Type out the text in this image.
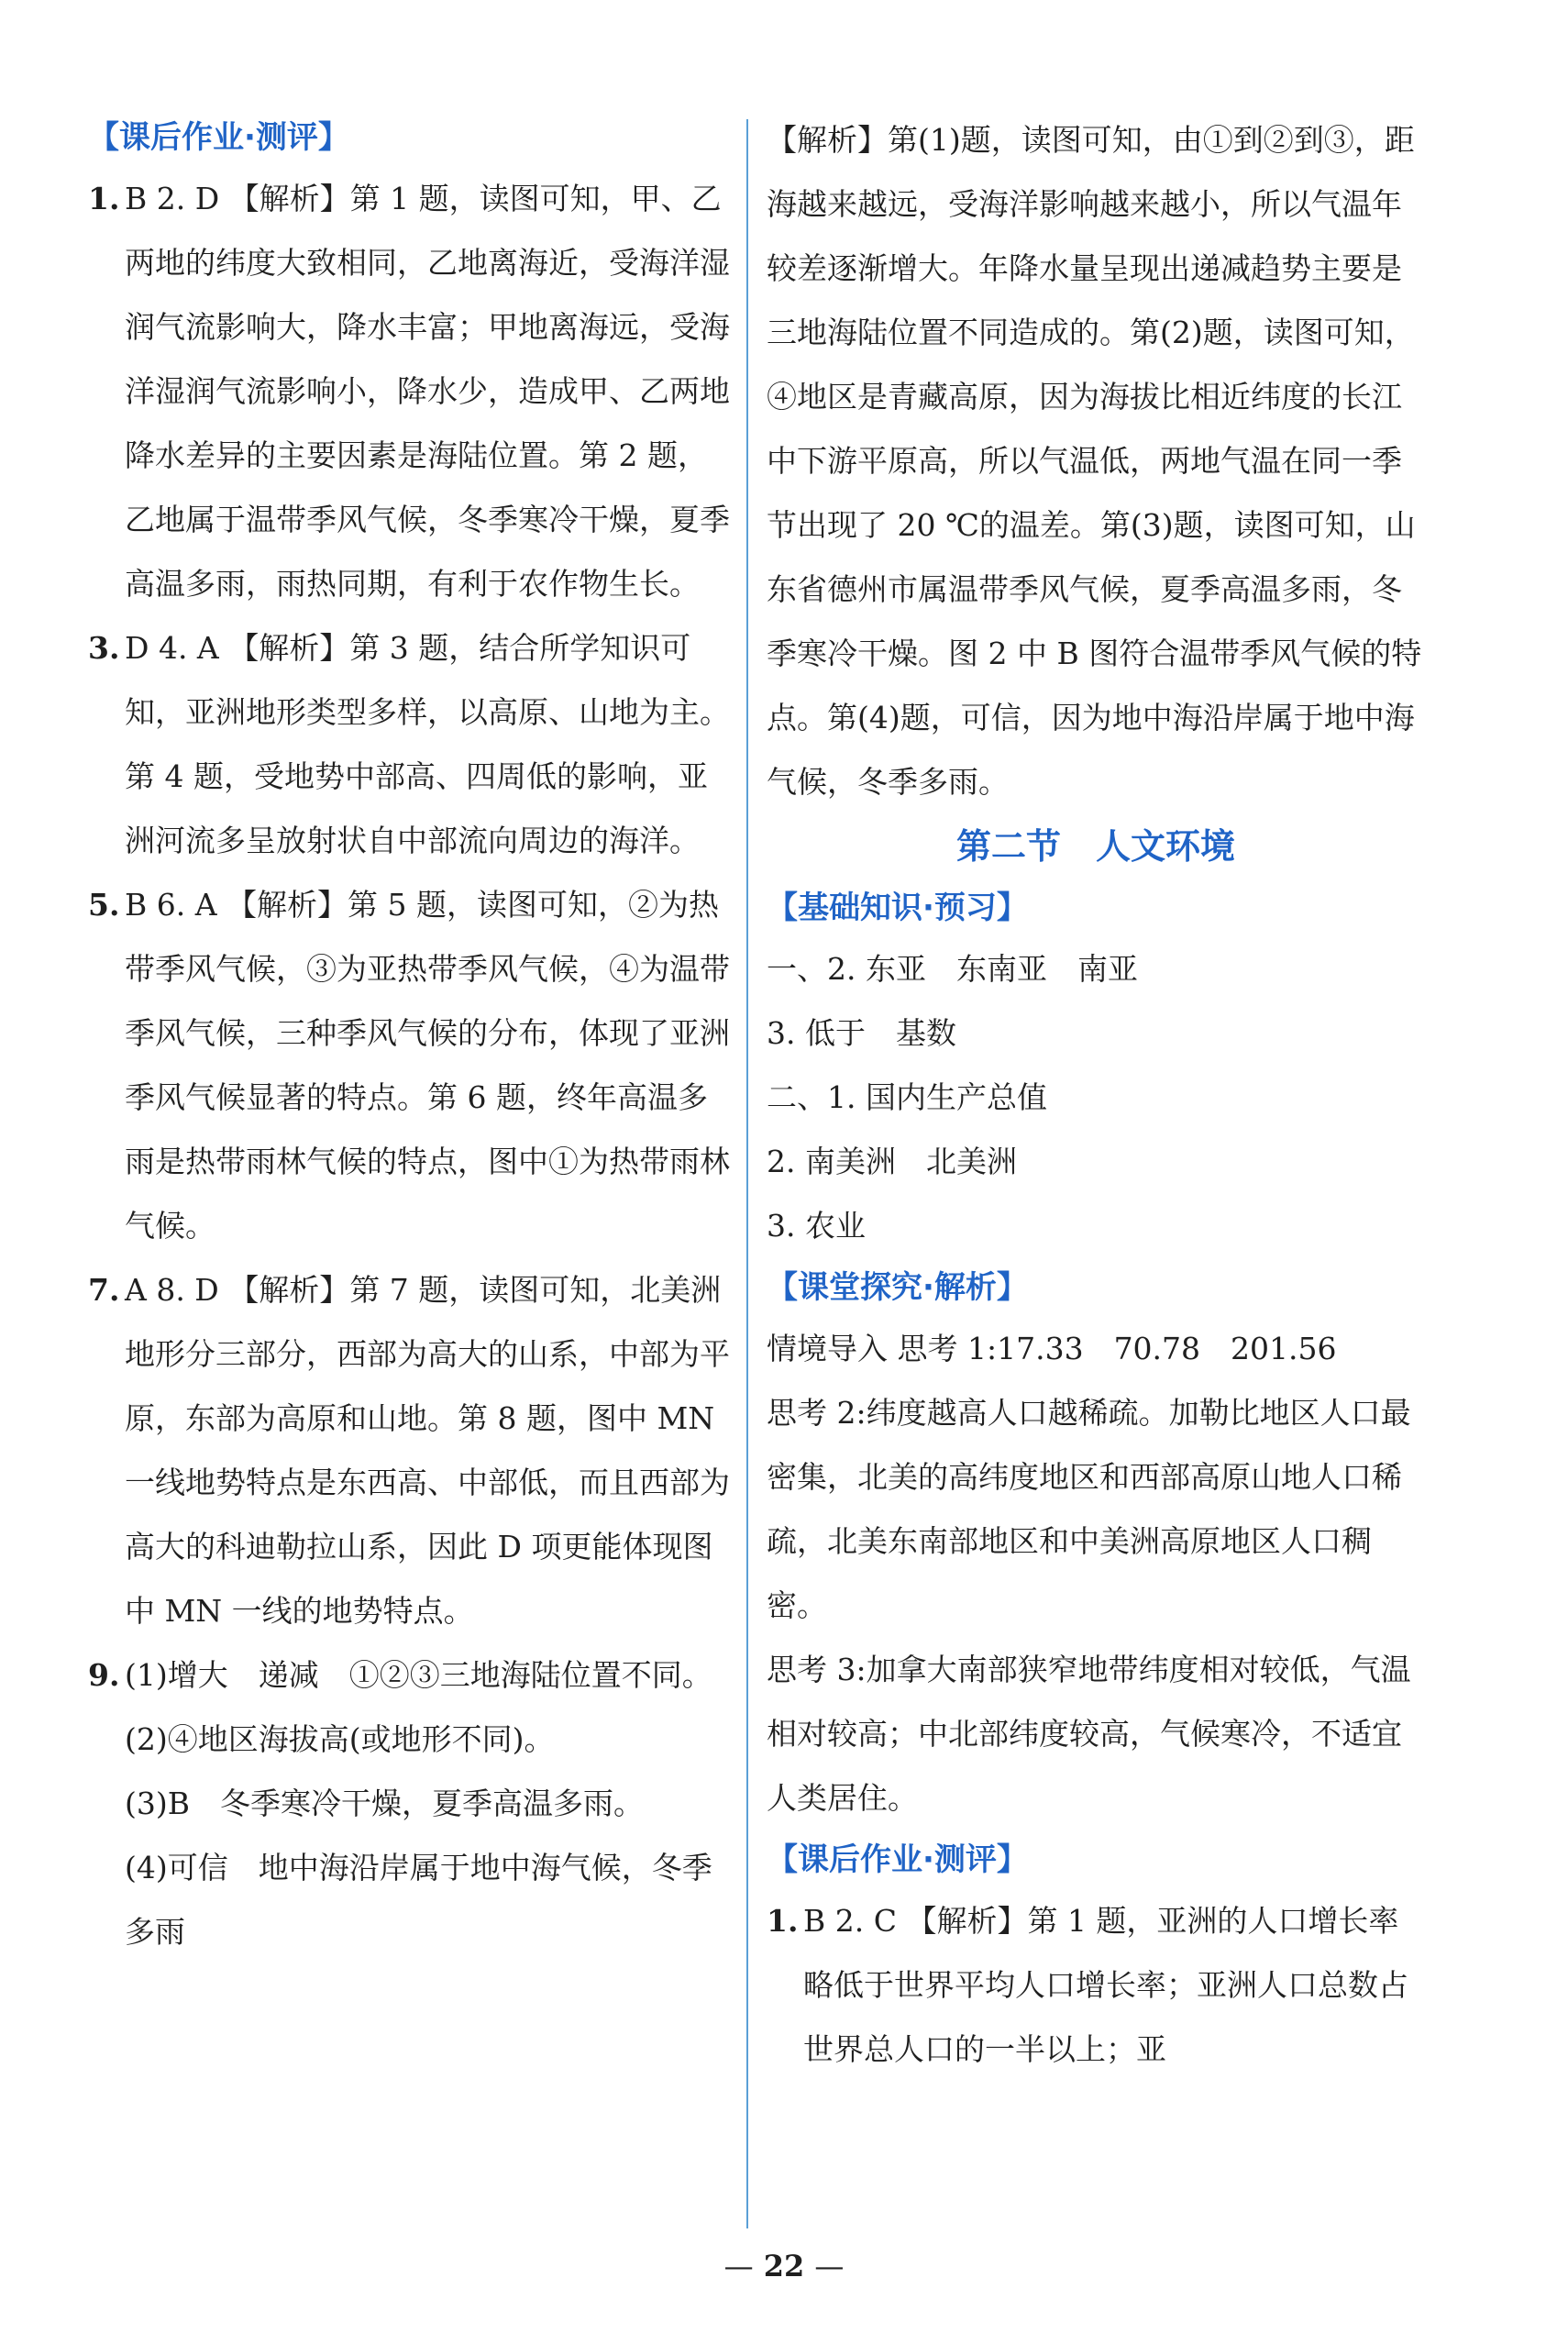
【课后作业·测评】
1. B 2. D 【解析】第 1 题，读图可知，甲、乙两地的纬度大致相同，乙地离海近，受海洋湿润气流影响大，降水丰富；甲地离海远，受海洋湿润气流影响小，降水少，造成甲、乙两地降水差异的主要因素是海陆位置。第 2 题，乙地属于温带季风气候，冬季寒冷干燥，夏季高温多雨，雨热同期，有利于农作物生长。
3. D 4. A 【解析】第 3 题，结合所学知识可知，亚洲地形类型多样，以高原、山地为主。第 4 题，受地势中部高、四周低的影响，亚洲河流多呈放射状自中部流向周边的海洋。
5. B 6. A 【解析】第 5 题，读图可知，②为热带季风气候，③为亚热带季风气候，④为温带季风气候，三种季风气候的分布，体现了亚洲季风气候显著的特点。第 6 题，终年高温多雨是热带雨林气候的特点，图中①为热带雨林气候。
7. A 8. D 【解析】第 7 题，读图可知，北美洲地形分三部分，西部为高大的山系，中部为平原，东部为高原和山地。第 8 题，图中 MN 一线地势特点是东西高、中部低，而且西部为高大的科迪勒拉山系，因此 D 项更能体现图中 MN 一线的地势特点。
9. (1)增大　递减　①②③三地海陆位置不同。
(2)④地区海拔高(或地形不同)。
(3)B　冬季寒冷干燥，夏季高温多雨。
(4)可信　地中海沿岸属于地中海气候，冬季多雨
【解析】第(1)题，读图可知，由①到②到③，距海越来越远，受海洋影响越来越小，所以气温年较差逐渐增大。年降水量呈现出递减趋势主要是三地海陆位置不同造成的。第(2)题，读图可知，④地区是青藏高原，因为海拔比相近纬度的长江中下游平原高，所以气温低，两地气温在同一季节出现了 20 ℃的温差。第(3)题，读图可知，山东省德州市属温带季风气候，夏季高温多雨，冬季寒冷干燥。图 2 中 B 图符合温带季风气候的特点。第(4)题，可信，因为地中海沿岸属于地中海气候，冬季多雨。
第二节　人文环境
【基础知识·预习】
一、2. 东亚　东南亚　南亚
3. 低于　基数
二、1. 国内生产总值
2. 南美洲　北美洲
3. 农业
【课堂探究·解析】
情境导入 思考 1:17.33　70.78　201.56
思考 2:纬度越高人口越稀疏。加勒比地区人口最密集，北美的高纬度地区和西部高原山地人口稀疏，北美东南部地区和中美洲高原地区人口稠密。
思考 3:加拿大南部狭窄地带纬度相对较低，气温相对较高；中北部纬度较高，气候寒冷，不适宜人类居住。
【课后作业·测评】
1. B 2. C 【解析】第 1 题，亚洲的人口增长率略低于世界平均人口增长率；亚洲人口总数占世界总人口的一半以上；亚
— 22 —
